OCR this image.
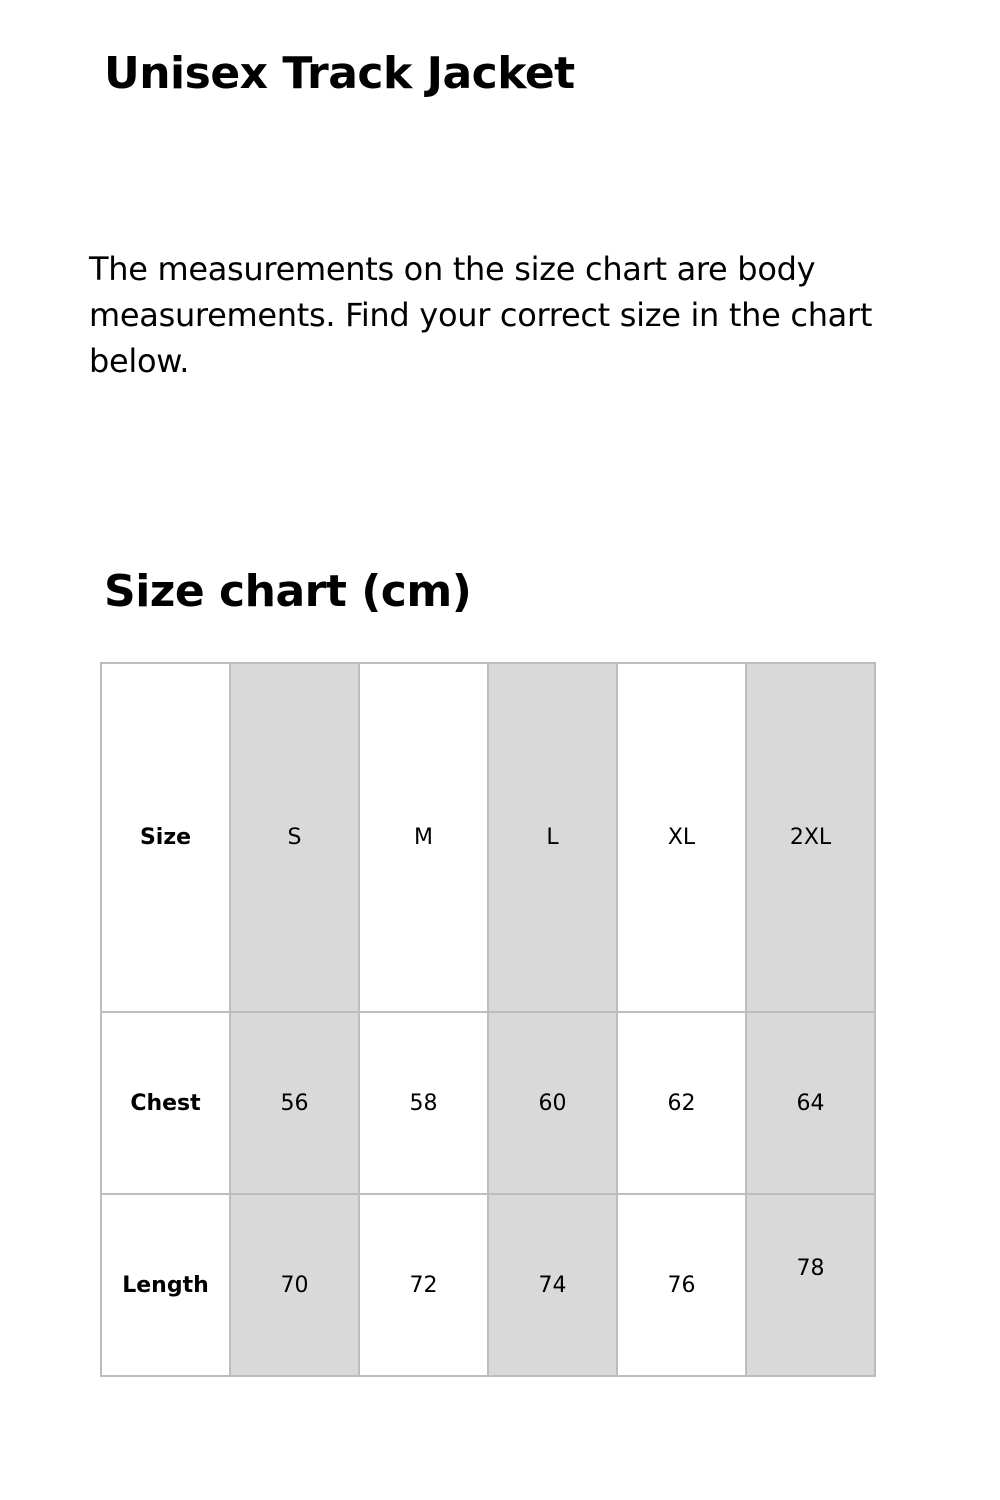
Unisex Track Jacket

The measurements on the size chart are body measurements. Find your correct size in the chart below.

Size chart (cm)
Size	S	M	L	XL	2XL
Chest	56	58	60	62	64
Length	70	72	74	76	78
